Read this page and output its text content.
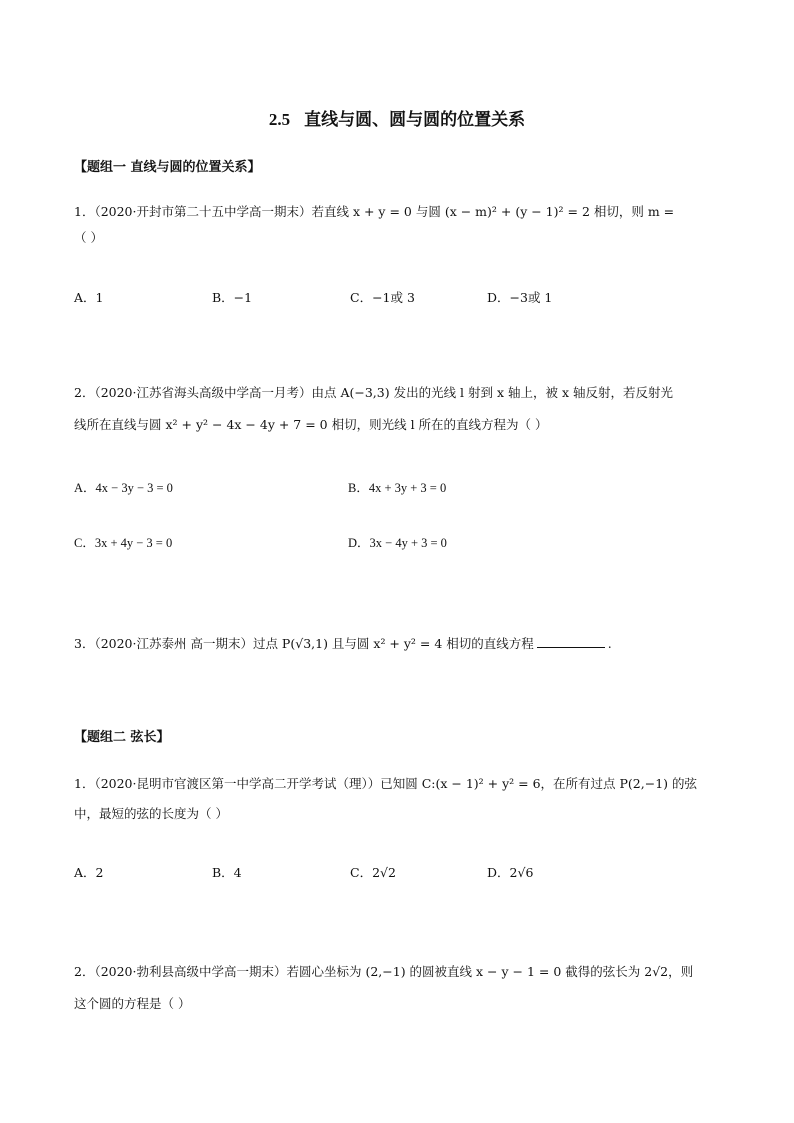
2.5 直线与圆、圆与圆的位置关系
【题组一 直线与圆的位置关系】
1．（2020·开封市第二十五中学高一期末）若直线 x + y = 0 与圆 (x − m)² + (y − 1)² = 2 相切，则 m =
（ ）
A．1	B．−1	C．−1或 3	D．−3或 1
2．（2020·江苏省海头高级中学高一月考）由点 A(−3,3) 发出的光线 l 射到 x 轴上，被 x 轴反射，若反射光
线所在直线与圆 x² + y² − 4x − 4y + 7 = 0 相切，则光线 l 所在的直线方程为（ ）
A．4x − 3y − 3 = 0	B．4x + 3y + 3 = 0
C．3x + 4y − 3 = 0	D．3x − 4y + 3 = 0
3．（2020·江苏泰州 高一期末）过点 P(√3,1) 且与圆 x² + y² = 4 相切的直线方程	.
【题组二 弦长】
1．（2020·昆明市官渡区第一中学高二开学考试（理））已知圆 C:(x − 1)² + y² = 6，在所有过点 P(2,−1) 的弦
中，最短的弦的长度为（ ）
A．2	B．4	C．2√2	D．2√6
2．（2020·勃利县高级中学高一期末）若圆心坐标为 (2,−1) 的圆被直线 x − y − 1 = 0 截得的弦长为 2√2，则
这个圆的方程是（ ）
